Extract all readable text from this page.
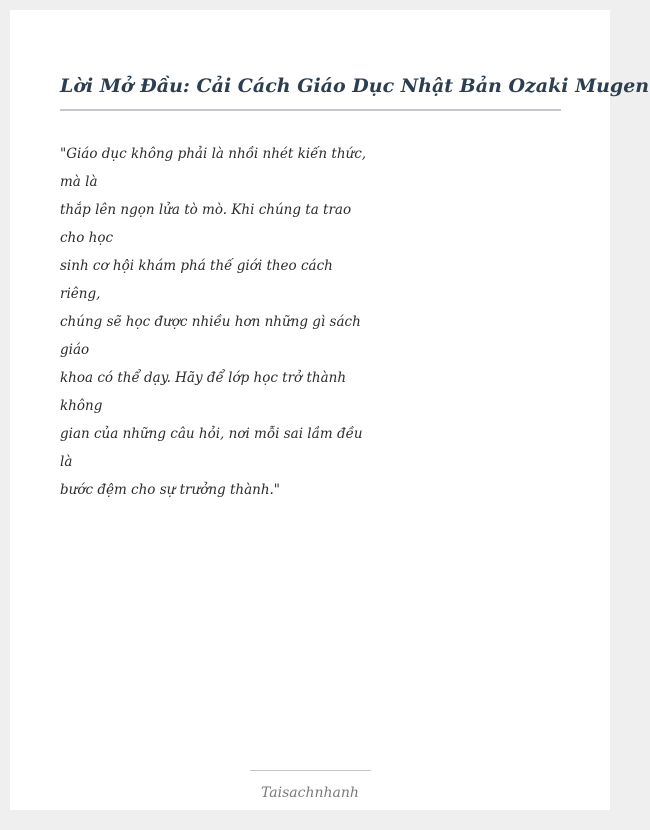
Lời Mở Đầu: Cải Cách Giáo Dục Nhật Bản Ozaki Mugen
"Giáo dục không phải là nhồi nhét kiến thức,
mà là
thắp lên ngọn lửa tò mò. Khi chúng ta trao
cho học
sinh cơ hội khám phá thế giới theo cách
riêng,
chúng sẽ học được nhiều hơn những gì sách
giáo
khoa có thể dạy. Hãy để lớp học trở thành
không
gian của những câu hỏi, nơi mỗi sai lầm đều
là
bước đệm cho sự trưởng thành."
Taisachnhanh
